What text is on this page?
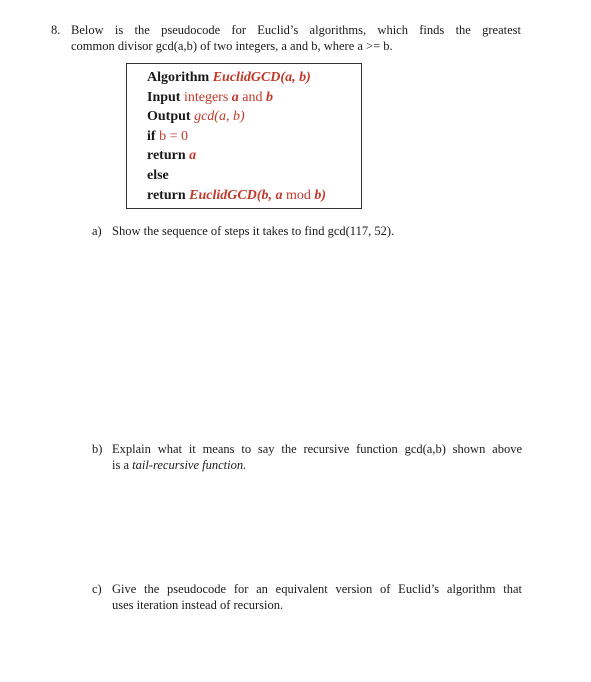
8. Below is the pseudocode for Euclid’s algorithms, which finds the greatest
common divisor gcd(a,b) of two integers, a and b, where a >= b.
Algorithm EuclidGCD(a, b)
Input integers a and b
Output gcd(a, b)
if b = 0
return a
else
return EuclidGCD(b, a mod b)
a) Show the sequence of steps it takes to find gcd(117, 52).
b) Explain what it means to say the recursive function gcd(a,b) shown above
is a tail-recursive function.
c) Give the pseudocode for an equivalent version of Euclid’s algorithm that
uses iteration instead of recursion.
